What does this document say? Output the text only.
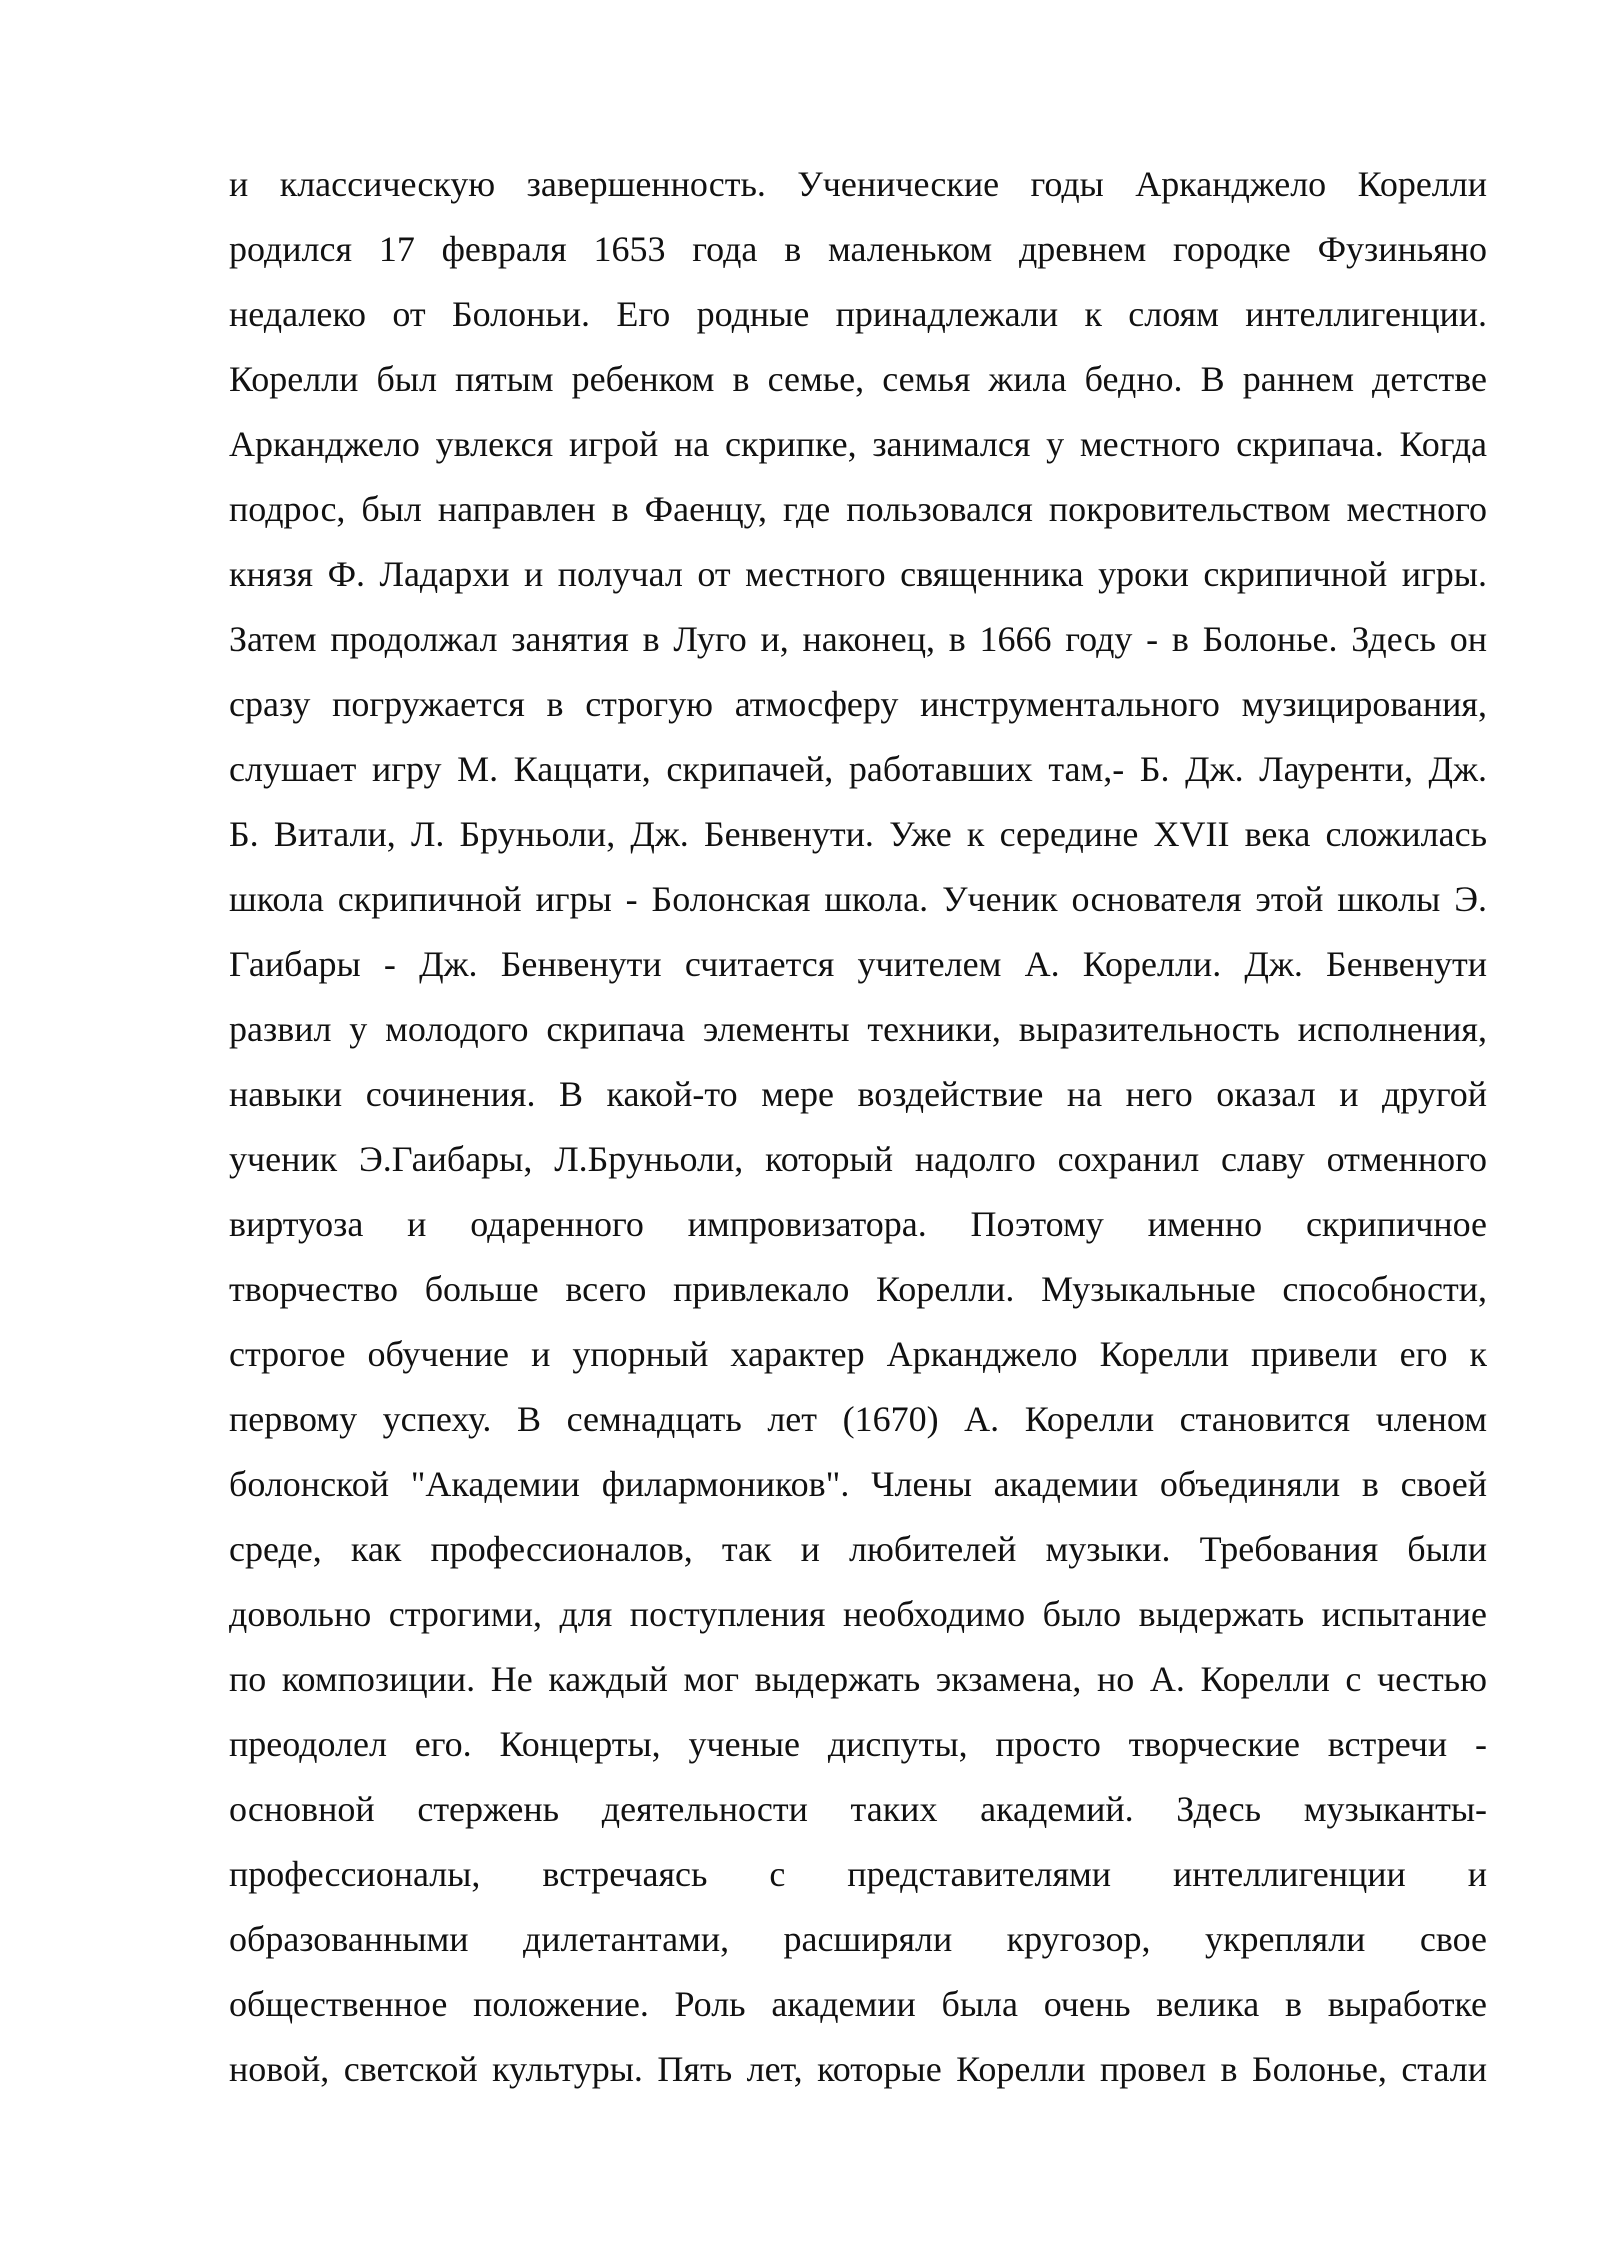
и классическую завершенность. Ученические годы Арканджело Корелли
родился 17 февраля 1653 года в маленьком древнем городке Фузиньяно
недалеко от Болоньи. Его родные принадлежали к слоям интеллигенции.
Корелли был пятым ребенком в семье, семья жила бедно. В раннем детстве
Арканджело увлекся игрой на скрипке, занимался у местного скрипача. Когда
подрос, был направлен в Фаенцу, где пользовался покровительством местного
князя Ф. Ладархи и получал от местного священника уроки скрипичной игры.
Затем продолжал занятия в Луго и, наконец, в 1666 году - в Болонье. Здесь он
сразу погружается в строгую атмосферу инструментального музицирования,
слушает игру М. Каццати, скрипачей, работавших там,- Б. Дж. Лауренти, Дж.
Б. Витали, Л. Бруньоли, Дж. Бенвенути. Уже к середине XVII века сложилась
школа скрипичной игры - Болонская школа. Ученик основателя этой школы Э.
Гаибары - Дж. Бенвенути считается учителем А. Корелли. Дж. Бенвенути
развил у молодого скрипача элементы техники, выразительность исполнения,
навыки сочинения. В какой-то мере воздействие на него оказал и другой
ученик Э.Гаибары, Л.Бруньоли, который надолго сохранил славу отменного
виртуоза и одаренного импровизатора. Поэтому именно скрипичное
творчество больше всего привлекало Корелли. Музыкальные способности,
строгое обучение и упорный характер Арканджело Корелли привели его к
первому успеху. В семнадцать лет (1670) А. Корелли становится членом
болонской "Академии филармоников". Члены академии объединяли в своей
среде, как профессионалов, так и любителей музыки. Требования были
довольно строгими, для поступления необходимо было выдержать испытание
по композиции. Не каждый мог выдержать экзамена, но А. Корелли с честью
преодолел его. Концерты, ученые диспуты, просто творческие встречи -
основной стержень деятельности таких академий. Здесь музыканты-
профессионалы, встречаясь с представителями интеллигенции и
образованными дилетантами, расширяли кругозор, укрепляли свое
общественное положение. Роль академии была очень велика в выработке
новой, светской культуры. Пять лет, которые Корелли провел в Болонье, стали
